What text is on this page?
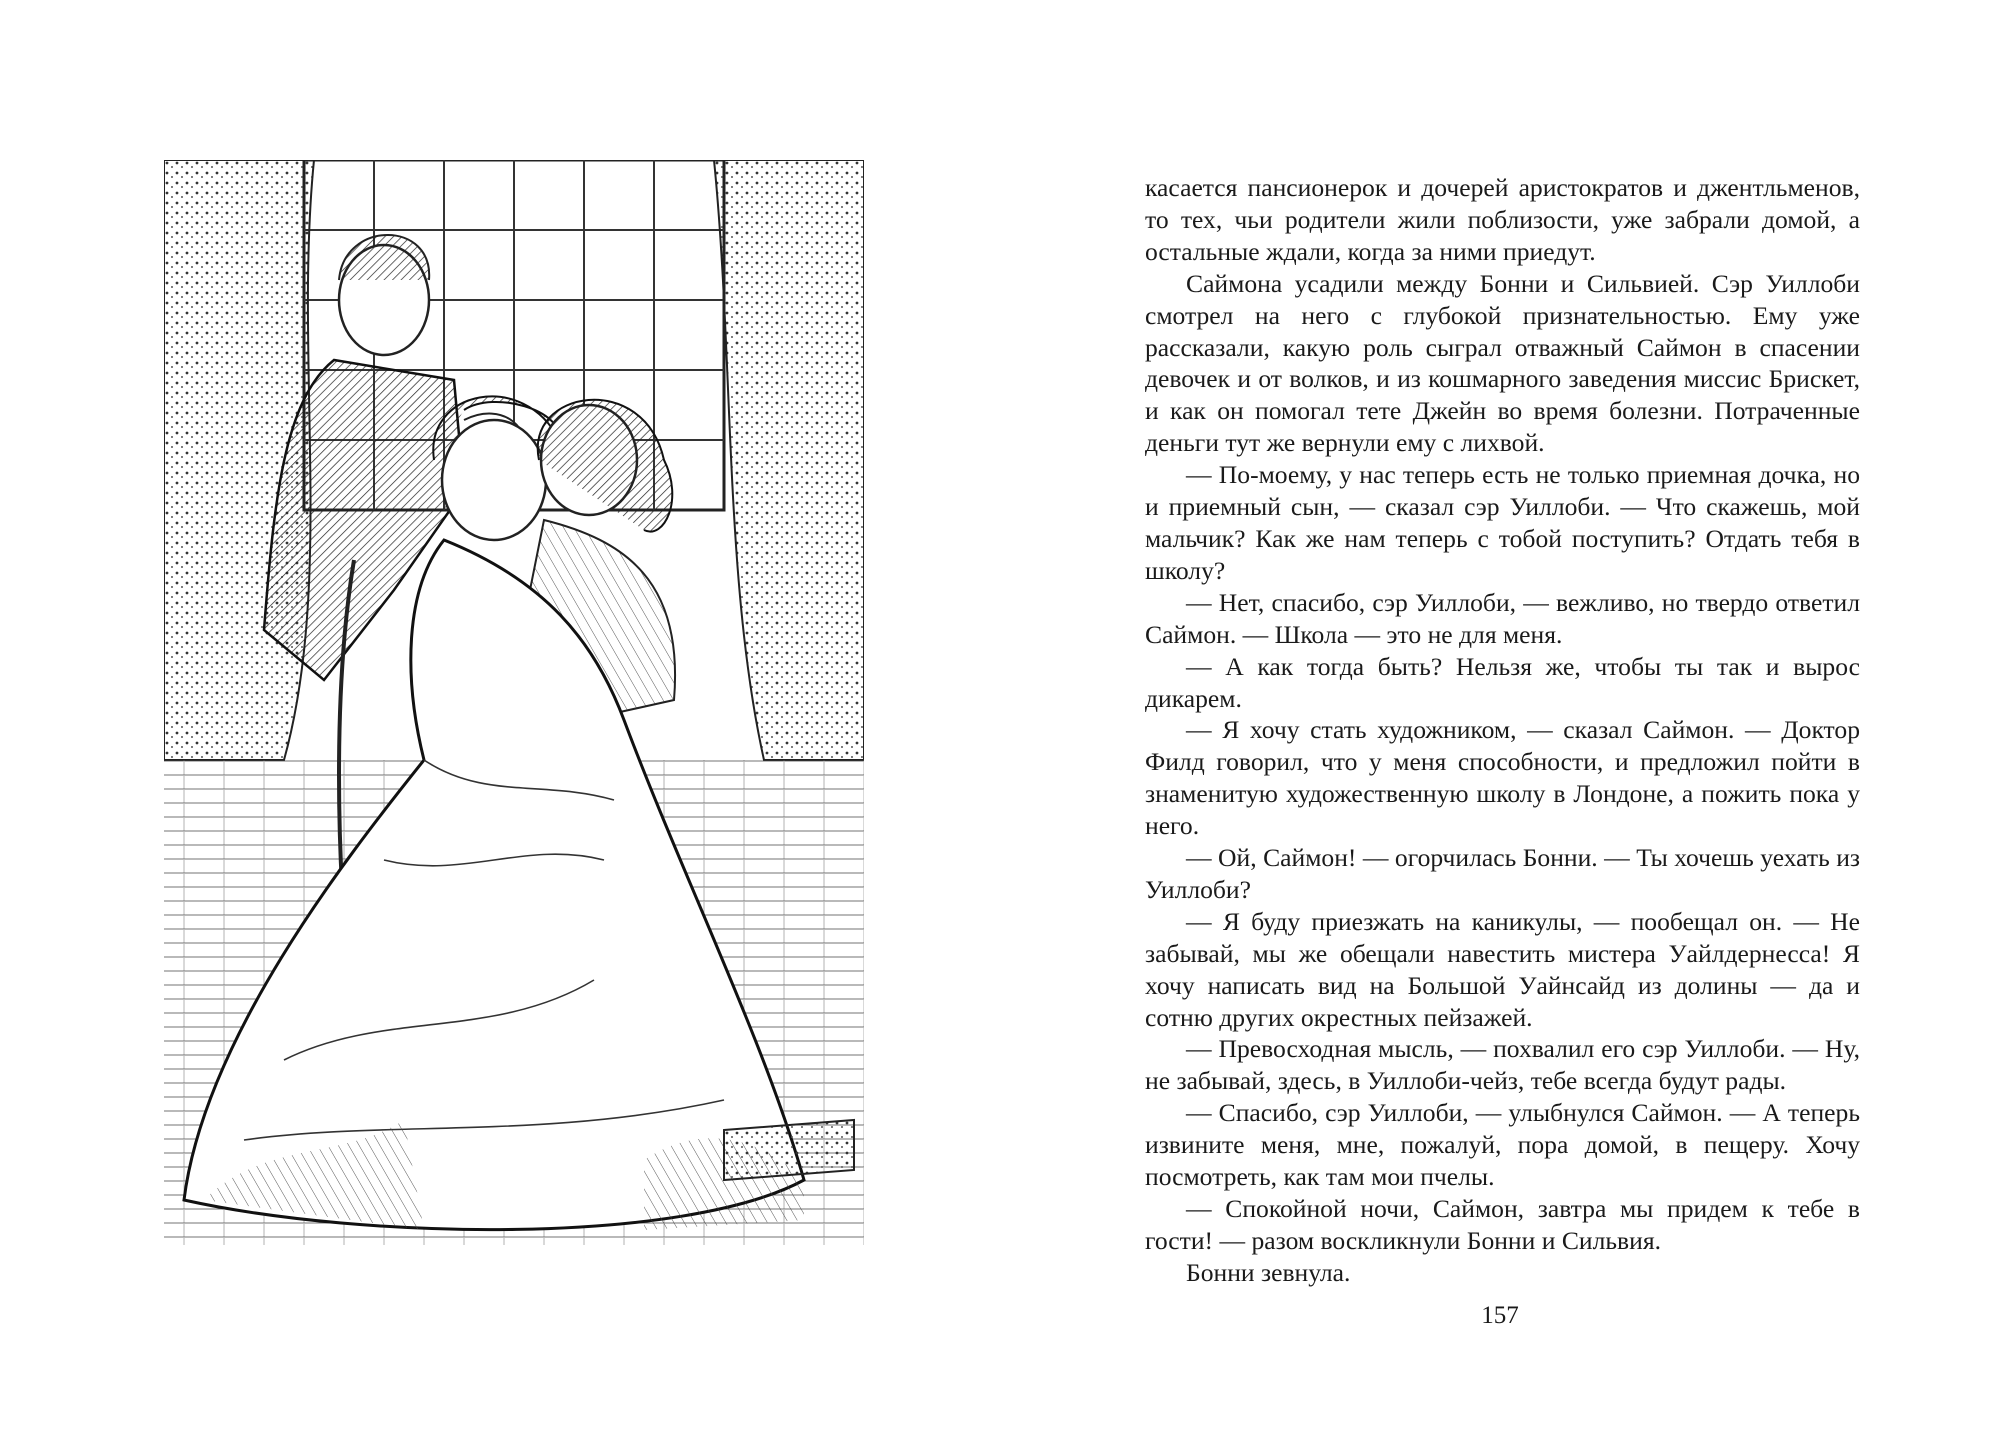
касается пансионерок и дочерей аристократов и джентльменов, то тех, чьи родители жили поблизости, уже забрали домой, а остальные ждали, когда за ними приедут.

Саймона усадили между Бонни и Сильвией. Сэр Уиллоби смотрел на него с глубокой признательностью. Ему уже рассказали, какую роль сыграл отважный Саймон в спасении девочек и от волков, и из кошмарного заведения миссис Брискет, и как он помогал тете Джейн во время болезни. Потраченные деньги тут же вернули ему с лихвой.

— По-моему, у нас теперь есть не только приемная дочка, но и приемный сын, — сказал сэр Уиллоби. — Что скажешь, мой мальчик? Как же нам теперь с тобой поступить? Отдать тебя в школу?

— Нет, спасибо, сэр Уиллоби, — вежливо, но твердо ответил Саймон. — Школа — это не для меня.

— А как тогда быть? Нельзя же, чтобы ты так и вырос дикарем.

— Я хочу стать художником, — сказал Саймон. — Доктор Филд говорил, что у меня способности, и предложил пойти в знаменитую художественную школу в Лондоне, а пожить пока у него.

— Ой, Саймон! — огорчилась Бонни. — Ты хочешь уехать из Уиллоби?

— Я буду приезжать на каникулы, — пообещал он. — Не забывай, мы же обещали навестить мистера Уайлдернесса! Я хочу написать вид на Большой Уайнсайд из долины — да и сотню других окрестных пейзажей.

— Превосходная мысль, — похвалил его сэр Уиллоби. — Ну, не забывай, здесь, в Уиллоби-чейз, тебе всегда будут рады.

— Спасибо, сэр Уиллоби, — улыбнулся Саймон. — А теперь извините меня, мне, пожалуй, пора домой, в пещеру. Хочу посмотреть, как там мои пчелы.

— Спокойной ночи, Саймон, завтра мы придем к тебе в гости! — разом воскликнули Бонни и Сильвия.

Бонни зевнула.

157
